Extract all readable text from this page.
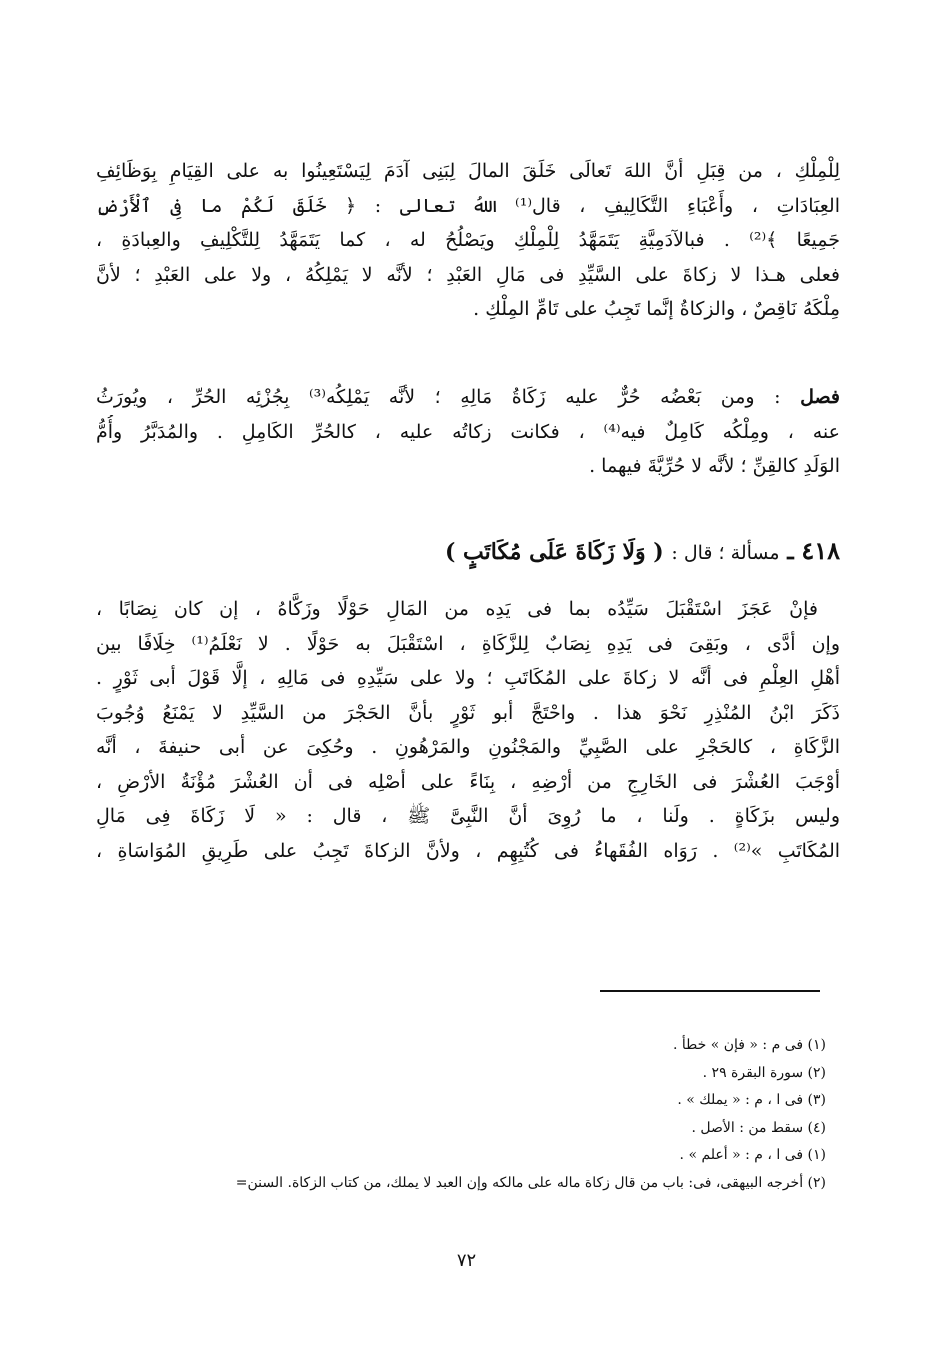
لِلْمِلْكِ ، من قِبَلِ أنَّ اللهَ تَعالَى خَلَقَ المالَ لِبَنِى آدَمَ لِيَسْتَعِينُوا به على القِيَامِ بِوَظَائِفِ
العِبَادَاتِ ، وأَعْبَاءِ التَّكَالِيفِ ، قال⁽¹⁾ اللهُ تعالى : ﴿ خَلَقَ لَكُمْ ما فِى ٱلْأَرْضِ
جَمِيعًا ﴾⁽²⁾ . فبالآدَمِيَّةِ يَتَمَهَّدُ لِلْمِلْكِ ويَصْلُحُ له ، كما يَتَمَهَّدُ لِلتَّكْلِيفِ والعِبادَةِ ،
فعلى هـذا لا زكاةَ على السَّيِّدِ فى مَالِ العَبْدِ ؛ لأنَّه لا يَمْلِكُهُ ، ولا على العَبْدِ ؛ لأنَّ
مِلْكَهُ نَاقِصٌ ، والزكاةُ إنَّما تَجِبُ على تَامِّ المِلْكِ .
فصل : ومن بَعْضُه حُرٌّ عليه زَكَاةُ مَالِهِ ؛ لأنَّه يَمْلِكُه⁽³⁾ بِجُزْئِه الحُرِّ ، ويُورَثُ
عنه ، ومِلْكُه كَامِلٌ فيه⁽⁴⁾ ، فكانت زكاتُه عليه ، كالحُرِّ الكَامِلِ . والمُدَبَّرُ وأُمُّ
الوَلَدِ كالقِنِّ ؛ لأنَّه لا حُرِّيَّةَ فيهما .
٤١٨ ـ مسألة ؛ قال : ( وَلَا زَكَاةَ عَلَى مُكَاتَبٍ )
فإنْ عَجَزَ اسْتَقْبَلَ سَيِّدُه بما فى يَدِه من المَالِ حَوْلًا وزَكَّاهُ ، إن كان نِصَابًا ،
وإن أدَّى ، وبَقِىَ فى يَدِهِ نِصَابٌ لِلزَّكَاةِ ، اسْتَقْبَلَ به حَوْلًا . لا نَعْلَمُ⁽¹⁾ خِلَافًا بين
أهْلِ العِلْمِ فى أنَّه لا زكاةَ على المُكَاتَبِ ؛ ولا على سَيِّدِهِ فى مَالِهِ ، إلَّا قَوْلَ أبى ثَوْرٍ .
ذَكَرَ ابْنُ المُنْذِرِ نَحْوَ هذا . واحْتَجَّ أبو ثَوْرٍ بأنَّ الحَجْرَ من السَّيِّدِ لا يَمْنَعُ وُجُوبَ
الزَّكَاةِ ، كالحَجْرِ على الصَّبِيِّ والمَجْنُونِ والمَرْهُونِ . وحُكِىَ عن أبى حنيفةَ ، أنَّه
أوْجَبَ العُشْرَ فى الخَارِجِ من أرْضِهِ ، بِنَاءً على أصْلِه فى أن العُشْرَ مُؤْنَةُ الأرْضِ ،
وليس بزَكَاةٍ . ولَنا ، ما رُوِىَ أنَّ النَّبِىَّ ﷺ ، قال : « لَا زَكَاةَ فِى مَالِ
المُكَاتَبِ »⁽²⁾ . رَوَاه الفُقَهاءُ فى كُتُبِهِم ، ولأنَّ الزكاةَ تَجِبُ على طَرِيقِ المُوَاسَاةِ ،
(١) فى م : « فإن » خطأ .
(٢) سورة البقرة ٢٩ .
(٣) فى ا ، م : « يملك » .
(٤) سقط من : الأصل .
(١) فى ا ، م : « أعلم » .
(٢) أخرجه البيهقى، فى: باب من قال زكاة ماله على مالكه وإن العبد لا يملك، من كتاب الزكاة. السنن=
٧٢
